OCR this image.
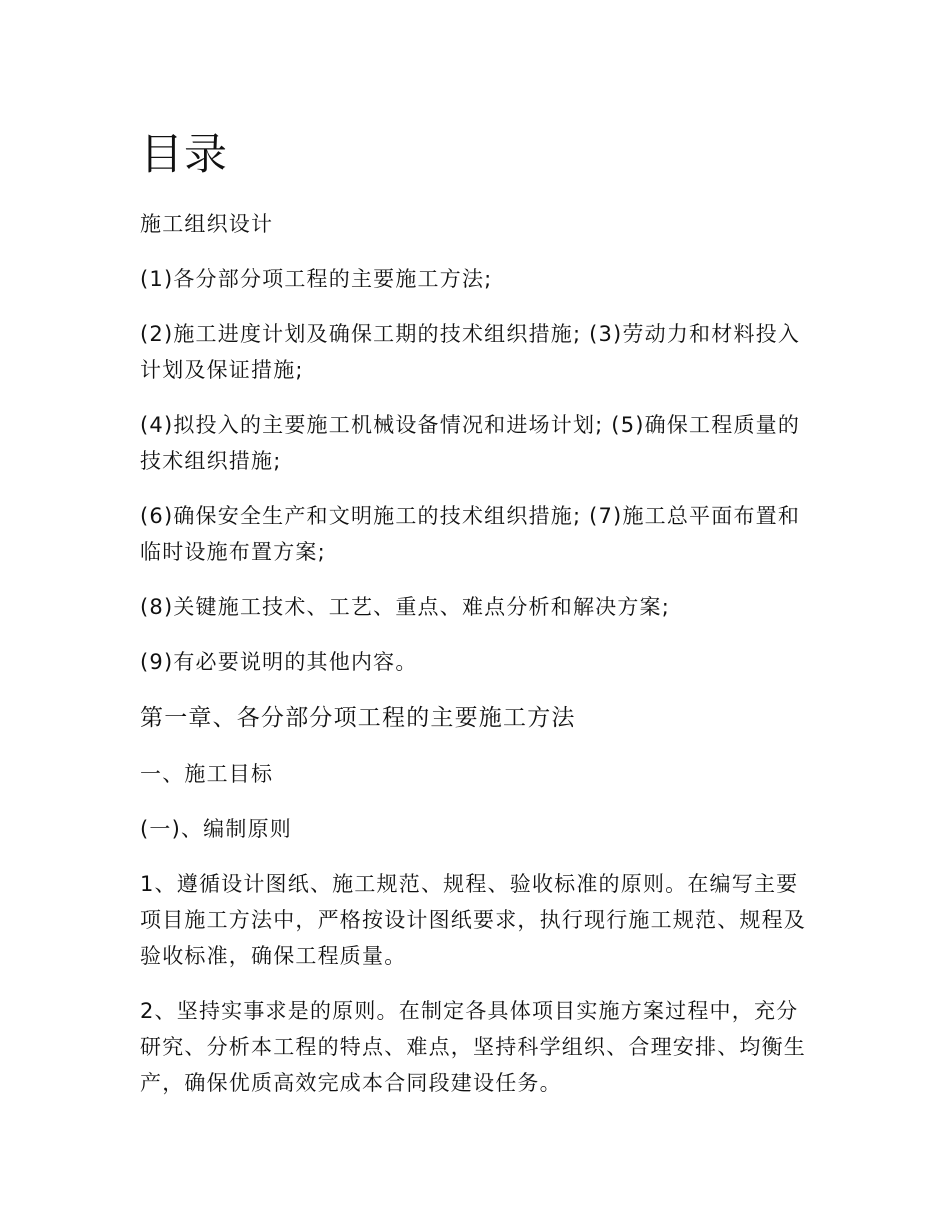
目录

施工组织设计

(1)各分部分项工程的主要施工方法;

(2)施工进度计划及确保工期的技术组织措施; (3)劳动力和材料投入计划及保证措施;

(4)拟投入的主要施工机械设备情况和进场计划; (5)确保工程质量的技术组织措施;

(6)确保安全生产和文明施工的技术组织措施; (7)施工总平面布置和临时设施布置方案;

(8)关键施工技术、工艺、重点、难点分析和解决方案;

(9)有必要说明的其他内容。

第一章、各分部分项工程的主要施工方法

一、施工目标

(一)、编制原则

1、遵循设计图纸、施工规范、规程、验收标准的原则。在编写主要项目施工方法中，严格按设计图纸要求，执行现行施工规范、规程及验收标准，确保工程质量。

2、坚持实事求是的原则。在制定各具体项目实施方案过程中，充分研究、分析本工程的特点、难点，坚持科学组织、合理安排、均衡生产，确保优质高效完成本合同段建设任务。
